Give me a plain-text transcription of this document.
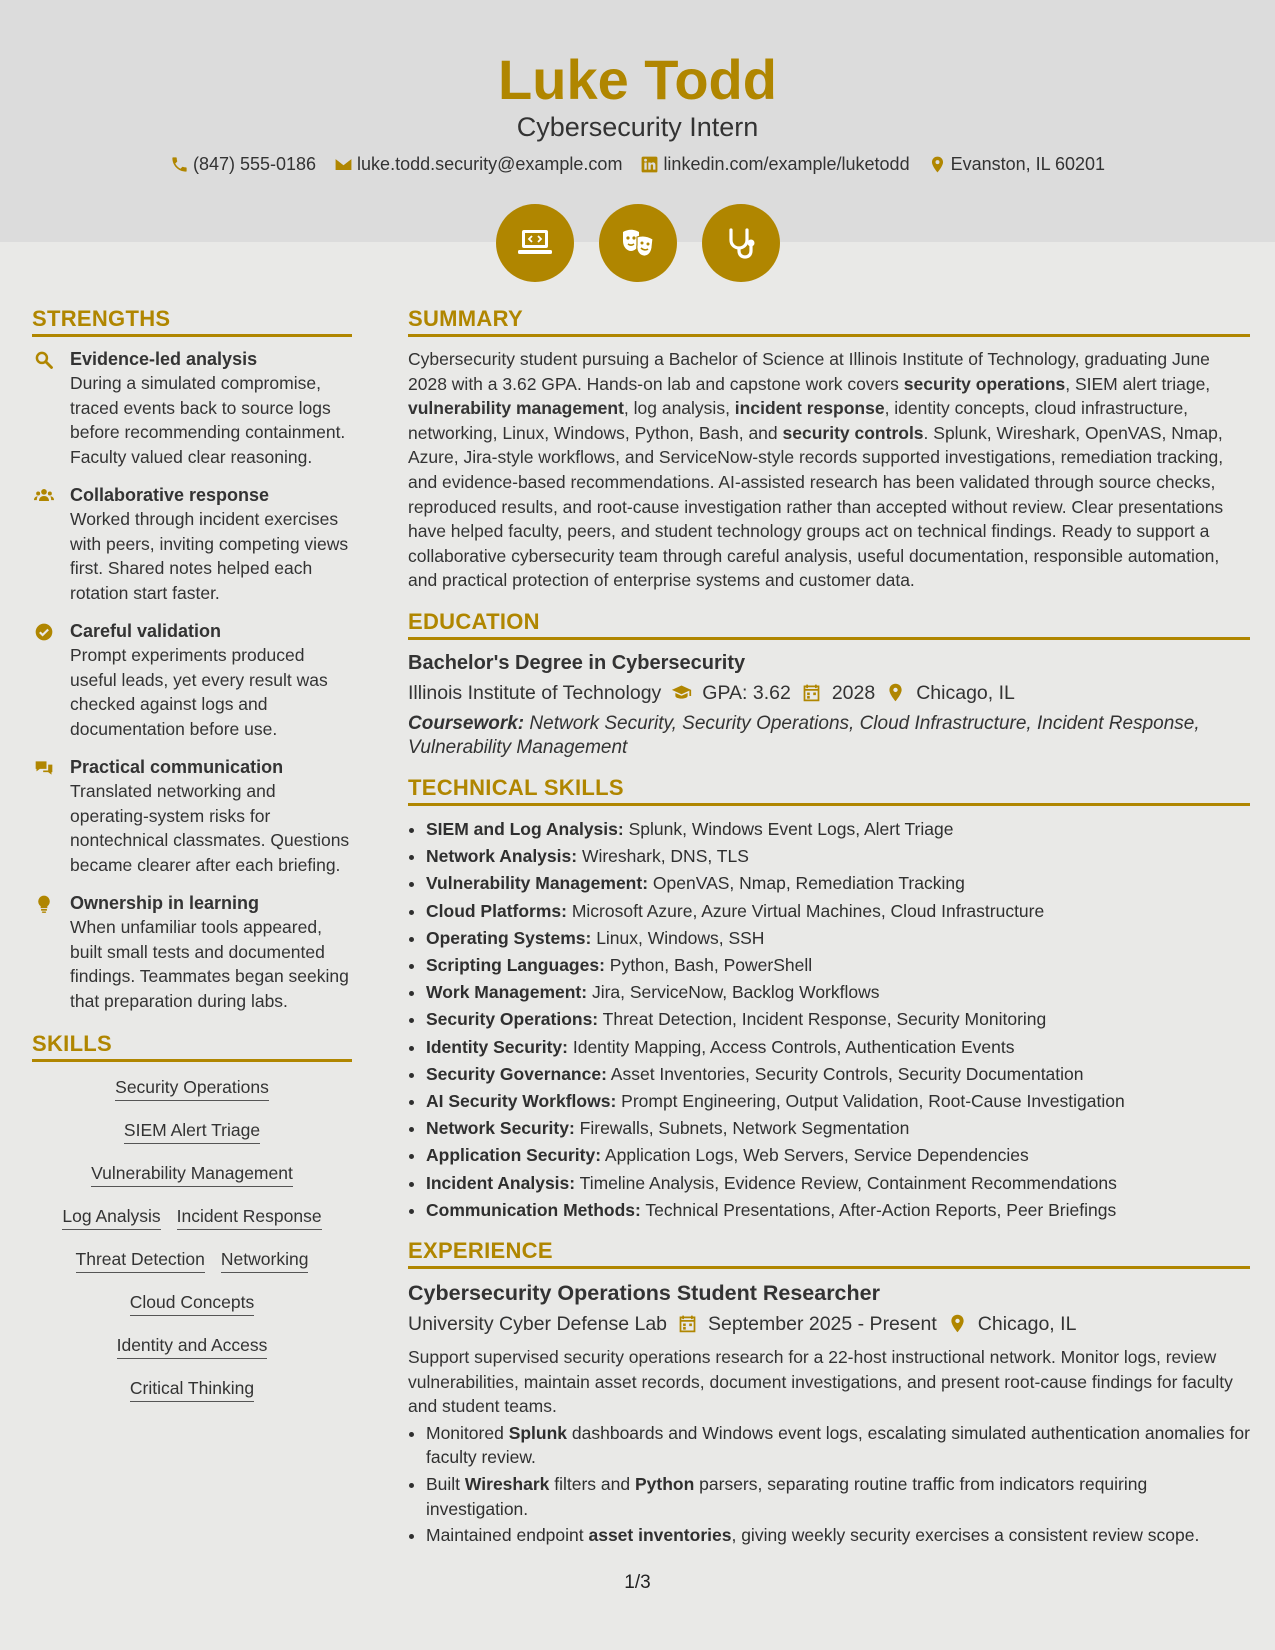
Luke Todd
Cybersecurity Intern
(847) 555-0186 luke.todd.security@example.com linkedin.com/example/luketodd Evanston, IL 60201
STRENGTHS
Evidence-led analysis
During a simulated compromise, traced events back to source logs before recommending containment. Faculty valued clear reasoning.
Collaborative response
Worked through incident exercises with peers, inviting competing views first. Shared notes helped each rotation start faster.
Careful validation
Prompt experiments produced useful leads, yet every result was checked against logs and documentation before use.
Practical communication
Translated networking and operating-system risks for nontechnical classmates. Questions became clearer after each briefing.
Ownership in learning
When unfamiliar tools appeared, built small tests and documented findings. Teammates began seeking that preparation during labs.
SKILLS
Security Operations
SIEM Alert Triage
Vulnerability Management
Log Analysis Incident Response
Threat Detection Networking
Cloud Concepts
Identity and Access
Critical Thinking
SUMMARY

Cybersecurity student pursuing a Bachelor of Science at Illinois Institute of Technology, graduating June 2028 with a 3.62 GPA. Hands-on lab and capstone work covers security operations, SIEM alert triage, vulnerability management, log analysis, incident response, identity concepts, cloud infrastructure, networking, Linux, Windows, Python, Bash, and security controls. Splunk, Wireshark, OpenVAS, Nmap, Azure, Jira-style workflows, and ServiceNow-style records supported investigations, remediation tracking, and evidence-based recommendations. AI-assisted research has been validated through source checks, reproduced results, and root-cause investigation rather than accepted without review. Clear presentations have helped faculty, peers, and student technology groups act on technical findings. Ready to support a collaborative cybersecurity team through careful analysis, useful documentation, responsible automation, and practical protection of enterprise systems and customer data.

EDUCATION
Bachelor's Degree in Cybersecurity
Illinois Institute of Technology GPA: 3.62 2028 Chicago, IL
Coursework: Network Security, Security Operations, Cloud Infrastructure, Incident Response, Vulnerability Management
TECHNICAL SKILLS
• SIEM and Log Analysis: Splunk, Windows Event Logs, Alert Triage
• Network Analysis: Wireshark, DNS, TLS
• Vulnerability Management: OpenVAS, Nmap, Remediation Tracking
• Cloud Platforms: Microsoft Azure, Azure Virtual Machines, Cloud Infrastructure
• Operating Systems: Linux, Windows, SSH
• Scripting Languages: Python, Bash, PowerShell
• Work Management: Jira, ServiceNow, Backlog Workflows
• Security Operations: Threat Detection, Incident Response, Security Monitoring
• Identity Security: Identity Mapping, Access Controls, Authentication Events
• Security Governance: Asset Inventories, Security Controls, Security Documentation
• AI Security Workflows: Prompt Engineering, Output Validation, Root-Cause Investigation
• Network Security: Firewalls, Subnets, Network Segmentation
• Application Security: Application Logs, Web Servers, Service Dependencies
• Incident Analysis: Timeline Analysis, Evidence Review, Containment Recommendations
• Communication Methods: Technical Presentations, After-Action Reports, Peer Briefings
EXPERIENCE
Cybersecurity Operations Student Researcher
University Cyber Defense Lab September 2025 - Present Chicago, IL

Support supervised security operations research for a 22-host instructional network. Monitor logs, review vulnerabilities, maintain asset records, document investigations, and present root-cause findings for faculty and student teams.

• Monitored Splunk dashboards and Windows event logs, escalating simulated authentication anomalies for faculty review.
• Built Wireshark filters and Python parsers, separating routine traffic from indicators requiring investigation.
• Maintained endpoint asset inventories, giving weekly security exercises a consistent review scope.
1/3
